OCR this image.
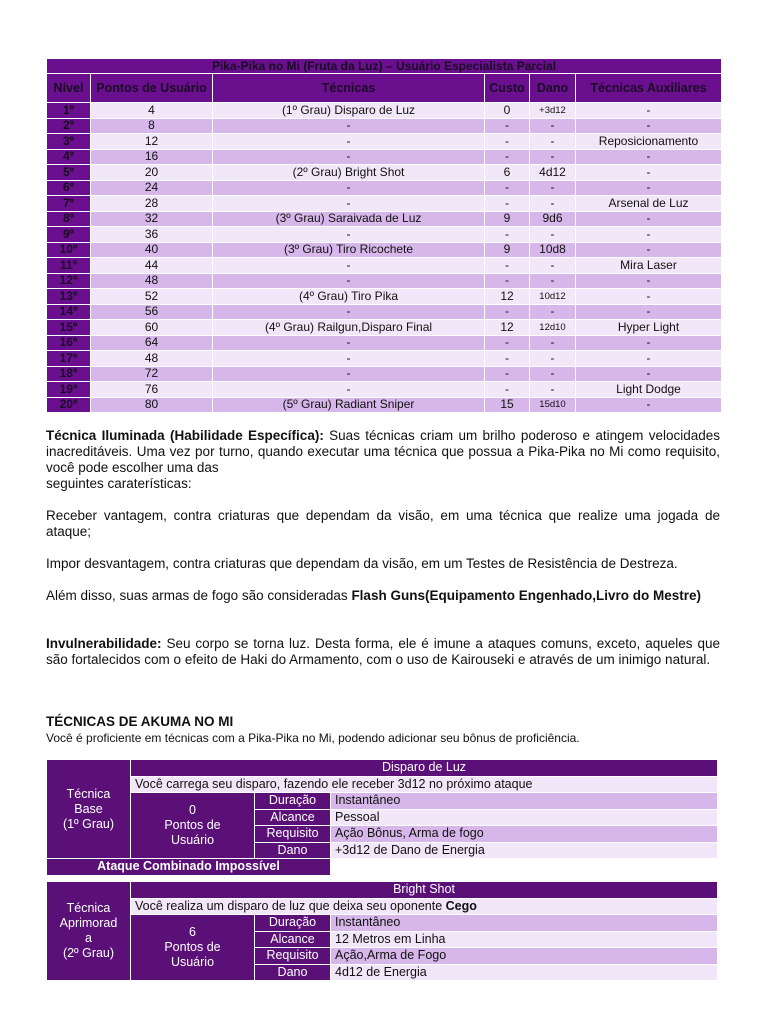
Pika-Pika no Mi (Fruta da Luz) – Usuário Especialista Parcial					
Nível	Pontos de Usuário	Técnicas	Custo	Dano	Técnicas Auxiliares
1º	4	(1º Grau) Disparo de Luz	0	+3d12	-
2º	8	-	-	-	-
3º	12	-	-	-	Reposicionamento
4º	16	-	-	-	-
5º	20	(2º Grau) Bright Shot	6	4d12	-
6º	24	-	-	-	-
7º	28	-	-	-	Arsenal de Luz
8º	32	(3º Grau) Saraivada de Luz	9	9d6	-
9º	36	-	-	-	-
10º	40	(3º Grau) Tiro Ricochete	9	10d8	-
11º	44	-	-	-	Mira Laser
12º	48	-	-	-	-
13º	52	(4º Grau) Tiro Pika	12	10d12	-
14º	56	-	-	-	-
15º	60	(4º Grau) Railgun,Disparo Final	12	12d10	Hyper Light
16º	64	-	-	-	-
17º	48	-	-	-	-
18º	72	-	-	-	-
19º	76	-	-	-	Light Dodge
20º	80	(5º Grau) Radiant Sniper	15	15d10	-
Técnica Iluminada (Habilidade Específica): Suas técnicas criam um brilho poderoso e atingem velocidades inacreditáveis. Uma vez por turno, quando executar uma técnica que possua a Pika-Pika no Mi como requisito, você pode escolher uma das
seguintes caraterísticas:
Receber vantagem, contra criaturas que dependam da visão, em uma técnica que realize uma jogada de ataque;
Impor desvantagem, contra criaturas que dependam da visão, em um Testes de Resistência de Destreza.
Além disso, suas armas de fogo são consideradas Flash Guns(Equipamento Engenhado,Livro do Mestre)
Invulnerabilidade: Seu corpo se torna luz. Desta forma, ele é imune a ataques comuns, exceto, aqueles que são fortalecidos com o efeito de Haki do Armamento, com o uso de Kairouseki e através de um inimigo natural.
TÉCNICAS DE AKUMA NO MI
Você é proficiente em técnicas com a Pika-Pika no Mi, podendo adicionar seu bônus de proficiência.
Técnica
Base
(1º Grau)	Disparo de Luz		
	Você carrega seu disparo, fazendo ele receber 3d12 no próximo ataque		
	0
Pontos de
Usuário	Duração	Instantâneo
		Alcance	Pessoal
		Requisito	Ação Bônus, Arma de fogo
		Dano	+3d12 de Dano de Energia
Ataque Combinado Impossível			
Técnica
Aprimorad
a
(2º Grau)	Bright Shot		
	Você realiza um disparo de luz que deixa seu oponente Cego		
	6
Pontos de
Usuário	Duração	Instantâneo
		Alcance	12 Metros em Linha
		Requisito	Ação,Arma de Fogo
		Dano	4d12 de Energia
